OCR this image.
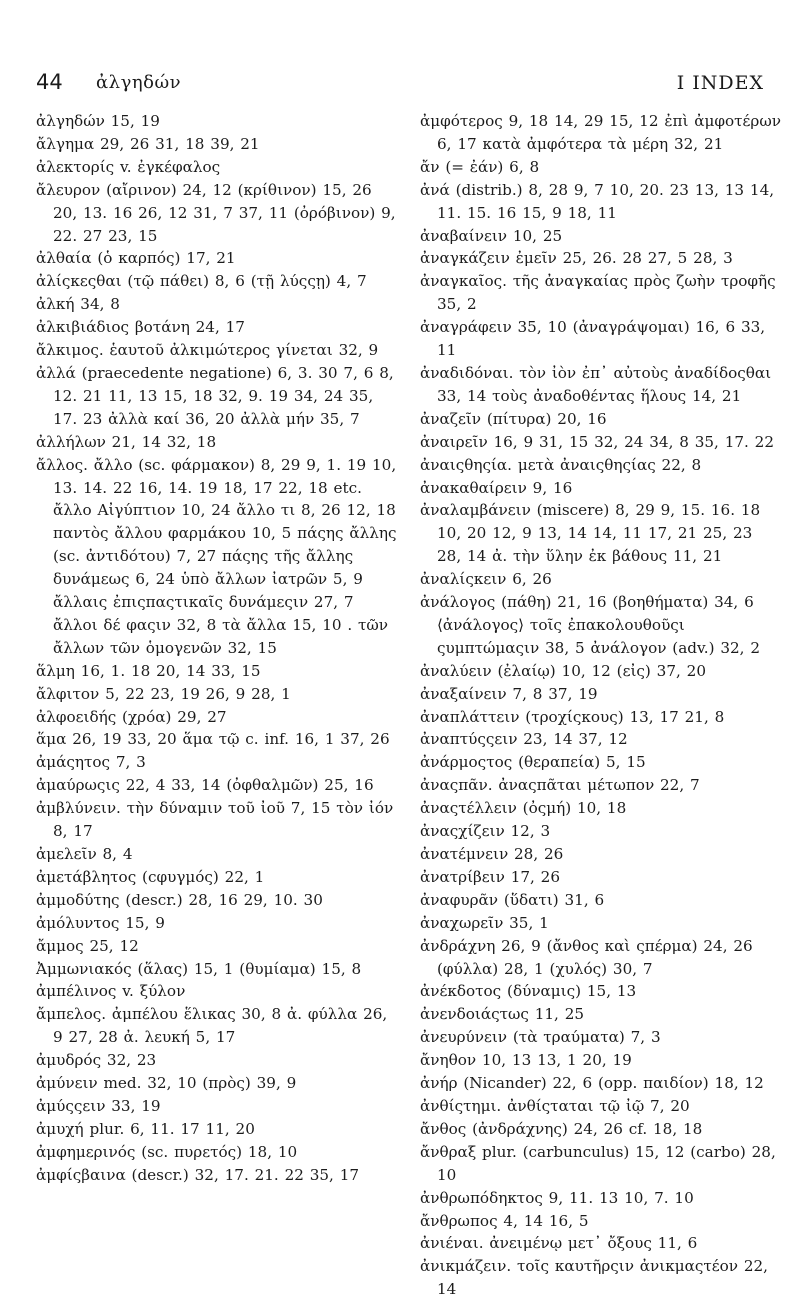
44 ἀλγηδών	I INDEX
ἀλγηδών 15, 19
ἄλγημα 29, 26 31, 18 39, 21
ἀλεκτορίς v. ἐγκέφαλος
ἄλευρον (αἴρινον) 24, 12 (κρίθινον) 15, 26 20, 13. 16 26, 12 31, 7 37, 11 (ὀρόβινον) 9, 22. 27 23, 15
ἀλθαία (ὁ καρπός) 17, 21
ἀλίςκεςθαι (τῷ πάθει) 8, 6 (τῇ λύςςῃ) 4, 7
ἀλκή 34, 8
ἀλκιβιάδιος βοτάνη 24, 17
ἄλκιμος. ἑαυτοῦ ἀλκιμώτερος γίνεται 32, 9
ἀλλά (praecedente negatione) 6, 3. 30 7, 6 8, 12. 21 11, 13 15, 18 32, 9. 19 34, 24 35, 17. 23 ἀλλὰ καί 36, 20 ἀλλὰ μήν 35, 7
ἀλλήλων 21, 14 32, 18
ἄλλος. ἄλλο (sc. φάρμακον) 8, 29 9, 1. 19 10, 13. 14. 22 16, 14. 19 18, 17 22, 18 etc. ἄλλο Αἰγύπτιον 10, 24 ἄλλο τι 8, 26 12, 18 παντὸς ἄλλου φαρμάκου 10, 5 πάςης ἄλλης (sc. ἀντιδότου) 7, 27 πάςης τῆς ἄλλης δυνάμεως 6, 24 ὑπὸ ἄλλων ἰατρῶν 5, 9 ἄλλαις ἐπιςπαςτικαῖς δυνάμεςιν 27, 7 ἄλλοι δέ φαςιν 32, 8 τὰ ἄλλα 15, 10 . τῶν ἄλλων τῶν ὁμογενῶν 32, 15
ἅλμη 16, 1. 18 20, 14 33, 15
ἄλφιτον 5, 22 23, 19 26, 9 28, 1
ἀλφοειδής (χρόα) 29, 27
ἅμα 26, 19 33, 20 ἅμα τῷ c. inf. 16, 1 37, 26
ἀμάςητος 7, 3
ἀμαύρωςις 22, 4 33, 14 (ὀφθαλμῶν) 25, 16
ἀμβλύνειν. τὴν δύναμιν τοῦ ἰοῦ 7, 15 τὸν ἰόν 8, 17
ἀμελεῖν 8, 4
ἀμετάβλητος (cφυγμός) 22, 1
ἀμμοδύτης (descr.) 28, 16 29, 10. 30
ἀμόλυντος 15, 9
ἄμμος 25, 12
Ἀμμωνιακός (ἅλας) 15, 1 (θυμίαμα) 15, 8
ἀμπέλινος v. ξύλον
ἄμπελος. ἀμπέλου ἕλικας 30, 8 ἀ. φύλλα 26, 9 27, 28 ἀ. λευκή 5, 17
ἀμυδρός 32, 23
ἀμύνειν med. 32, 10 (πρὸς) 39, 9
ἀμύςςειν 33, 19
ἀμυχή plur. 6, 11. 17 11, 20
ἀμφημερινός (sc. πυρετός) 18, 10
ἀμφίςβαινα (descr.) 32, 17. 21. 22 35, 17
ἀμφότερος 9, 18 14, 29 15, 12 ἐπὶ ἀμφοτέρων 6, 17 κατὰ ἀμφότερα τὰ μέρη 32, 21
ἄν (= ἐάν) 6, 8
ἀνά (distrib.) 8, 28 9, 7 10, 20. 23 13, 13 14, 11. 15. 16 15, 9 18, 11
ἀναβαίνειν 10, 25
ἀναγκάζειν ἐμεῖν 25, 26. 28 27, 5 28, 3
ἀναγκαῖος. τῆς ἀναγκαίας πρὸς ζωὴν τροφῆς 35, 2
ἀναγράφειν 35, 10 (ἀναγράψομαι) 16, 6 33, 11
ἀναδιδόναι. τὸν ἰὸν ἐπ᾽ αὐτοὺς ἀναδίδοςθαι 33, 14 τοὺς ἀναδοθέντας ἥλους 14, 21
ἀναζεῖν (πίτυρα) 20, 16
ἀναιρεῖν 16, 9 31, 15 32, 24 34, 8 35, 17. 22
ἀναιςθηςία. μετὰ ἀναιςθηςίας 22, 8
ἀνακαθαίρειν 9, 16
ἀναλαμβάνειν (miscere) 8, 29 9, 15. 16. 18 10, 20 12, 9 13, 14 14, 11 17, 21 25, 23 28, 14 ἀ. τὴν ὕλην ἐκ βάθους 11, 21
ἀναλίςκειν 6, 26
ἀνάλογος (πάθη) 21, 16 (βοηθήματα) 34, 6 ⟨ἀνάλογος⟩ τοῖς ἐπακολουθοῦςι ςυμπτώμαςιν 38, 5 ἀνάλογον (adv.) 32, 2
ἀναλύειν (ἐλαίῳ) 10, 12 (εἰς) 37, 20
ἀναξαίνειν 7, 8 37, 19
ἀναπλάττειν (τροχίςκους) 13, 17 21, 8
ἀναπτύςςειν 23, 14 37, 12
ἀνάρμοςτος (θεραπεία) 5, 15
ἀναςπᾶν. ἀναςπᾶται μέτωπον 22, 7
ἀναςτέλλειν (ὀςμή) 10, 18
ἀναςχίζειν 12, 3
ἀνατέμνειν 28, 26
ἀνατρίβειν 17, 26
ἀναφυρᾶν (ὕδατι) 31, 6
ἀναχωρεῖν 35, 1
ἀνδράχνη 26, 9 (ἄνθος καὶ ςπέρμα) 24, 26 (φύλλα) 28, 1 (χυλός) 30, 7
ἀνέκδοτος (δύναμις) 15, 13
ἀνενδοιάςτως 11, 25
ἀνευρύνειν (τὰ τραύματα) 7, 3
ἄνηθον 10, 13 13, 1 20, 19
ἀνήρ (Nicander) 22, 6 (opp. παιδίον) 18, 12
ἀνθίςτημι. ἀνθίςταται τῷ ἰῷ 7, 20
ἄνθος (ἀνδράχνης) 24, 26 cf. 18, 18
ἄνθραξ plur. (carbunculus) 15, 12 (carbo) 28, 10
ἀνθρωπόδηκτος 9, 11. 13 10, 7. 10
ἄνθρωπος 4, 14 16, 5
ἀνιέναι. ἀνειμένῳ μετ᾽ ὄξους 11, 6
ἀνικμάζειν. τοῖς καυτῆρςιν ἀνικμαςτέον 22, 14
